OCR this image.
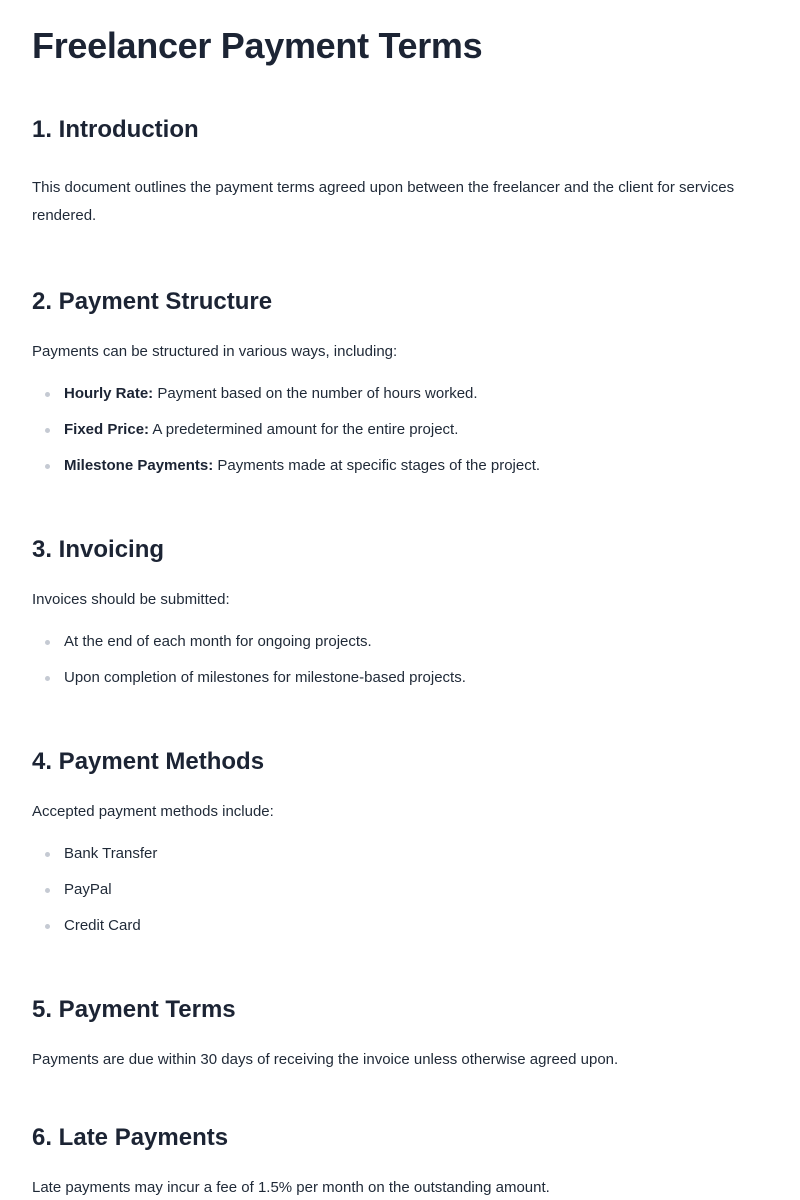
Freelancer Payment Terms
1. Introduction

This document outlines the payment terms agreed upon between the freelancer and the client for services rendered.

2. Payment Structure

Payments can be structured in various ways, including:

Hourly Rate: Payment based on the number of hours worked.
Fixed Price: A predetermined amount for the entire project.
Milestone Payments: Payments made at specific stages of the project.
3. Invoicing

Invoices should be submitted:

At the end of each month for ongoing projects.
Upon completion of milestones for milestone-based projects.
4. Payment Methods

Accepted payment methods include:

Bank Transfer
PayPal
Credit Card
5. Payment Terms

Payments are due within 30 days of receiving the invoice unless otherwise agreed upon.

6. Late Payments

Late payments may incur a fee of 1.5% per month on the outstanding amount.
